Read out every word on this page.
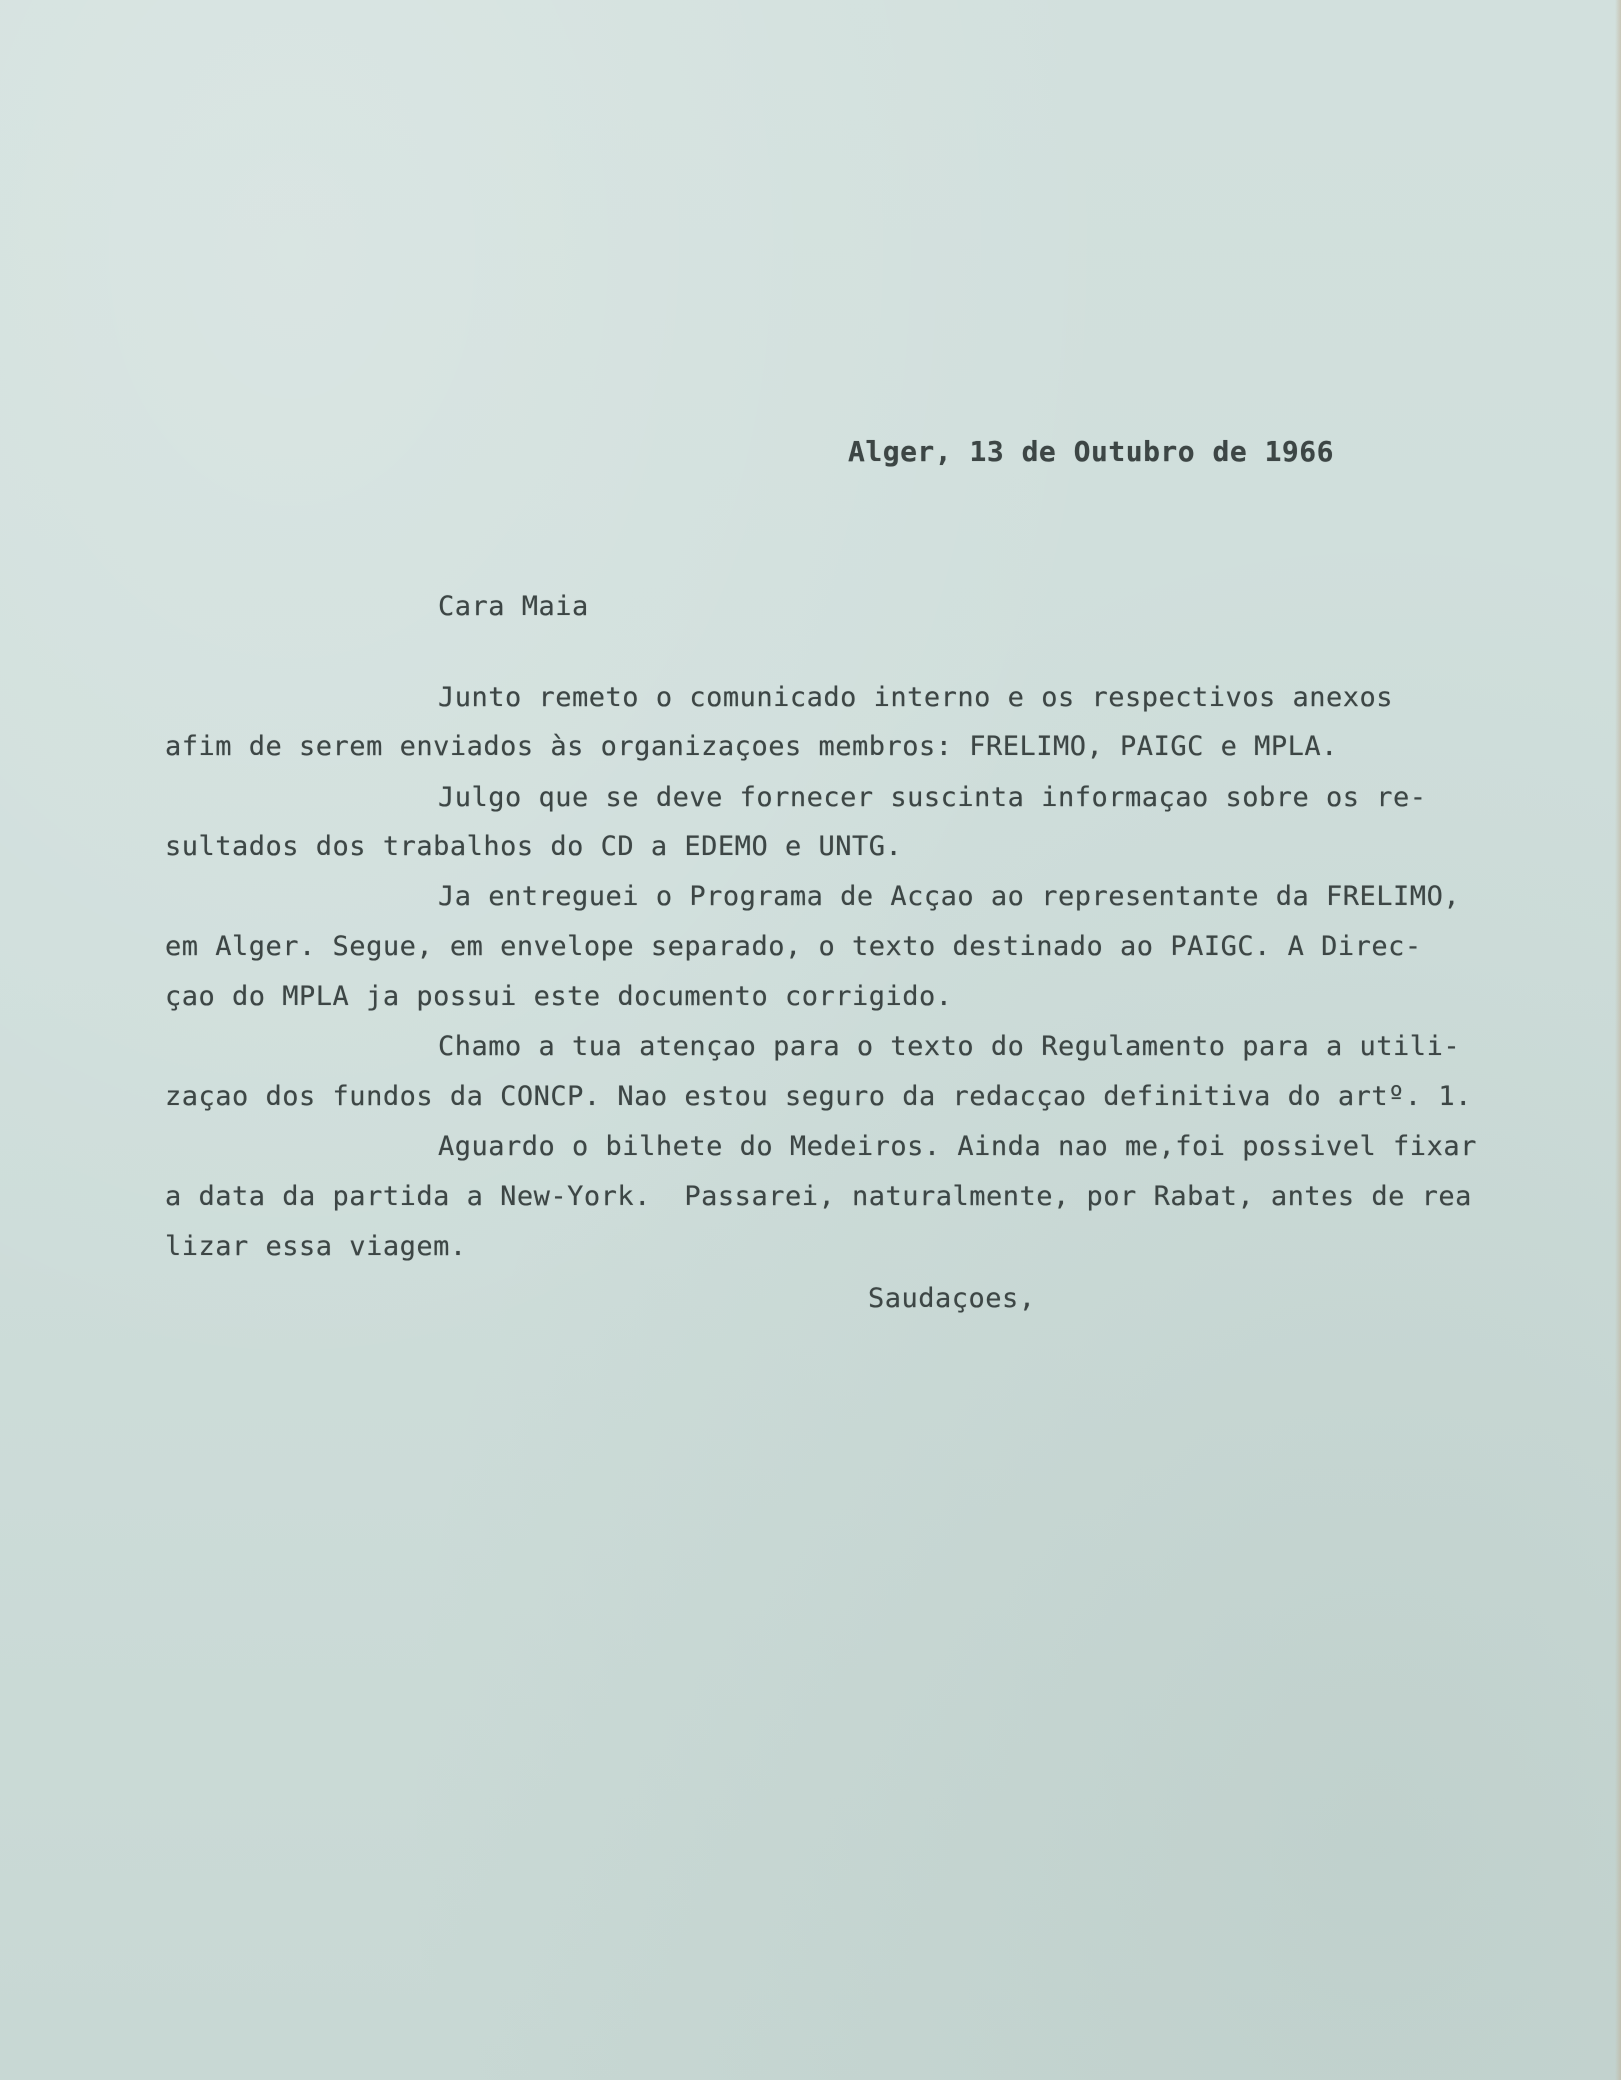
Alger, 13 de Outubro de 1966

Cara Maia

Junto remeto o comunicado interno e os respectivos anexos

afim de serem enviados às organizaçoes membros: FRELIMO, PAIGC e MPLA.

Julgo que se deve fornecer suscinta informaçao sobre os re-

sultados dos trabalhos do CD a EDEMO e UNTG.

Ja entreguei o Programa de Acçao ao representante da FRELIMO,

em Alger. Segue, em envelope separado, o texto destinado ao PAIGC. A Direc-

çao do MPLA ja possui este documento corrigido.

Chamo a tua atençao para o texto do Regulamento para a utili-

zaçao dos fundos da CONCP. Nao estou seguro da redacçao definitiva do artº. 1.

Aguardo o bilhete do Medeiros. Ainda nao me,foi possivel fixar

a data da partida a New-York.  Passarei, naturalmente, por Rabat, antes de rea

lizar essa viagem.

Saudaçoes,
